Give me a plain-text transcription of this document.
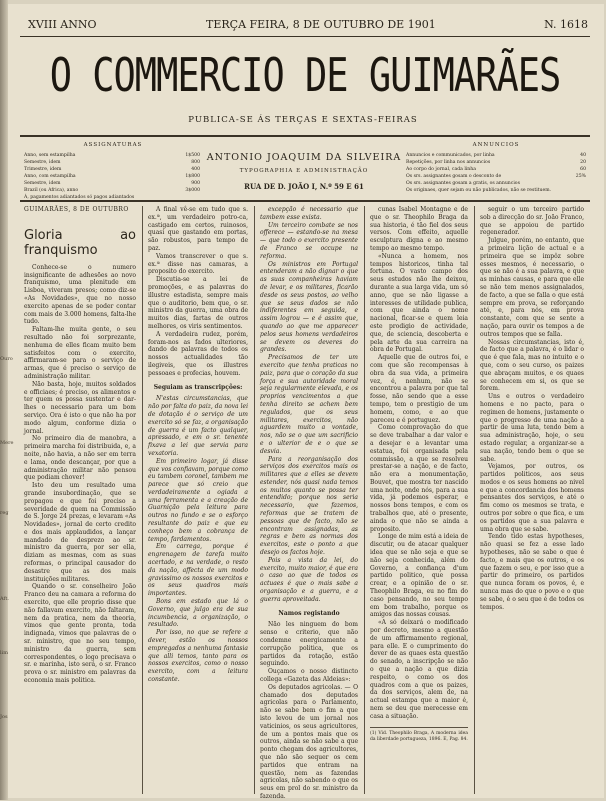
Ouro
Mere
reg
Aft.
lim
Jos
XVIII ANNO	TERÇA FEIRA, 8 DE OUTUBRO DE 1901	N. 1618
O COMMERCIO DE GUIMARÃES
PUBLICA-SE ÁS TERÇAS E SEXTAS-FEIRAS
ASSIGNATURAS	ANNUNCIOS
Anno, sem estampilha	1$500
Semestre, idem	800
Trimestre, idem	400
Anno, com estampilha	1$800
Semestre, idem	900
Brazil (ou Africa), anno	3$000
Á, pagamentos adiantados só pagos adiantados
ANTONIO JOAQUIM DA SILVEIRA
TYPOGRAPHIA E ADMINISTRAÇÃO
RUA DE D. JOÃO I, N.º 59 E 61
Annuncios e communicados, por linha	40
Repetições, por linha nos annuncios	20
Ao corpo do jornal, cada linha	60
Os srs. assignantes gosam o desconto de	25%
Os srs. assignantes gosam a gratis, os annuncios
Os originaes, quer sejam ou não publicados, não se restituem.

GUIMARÃES, 8 DE OUTUBRO

Gloria ao franquismo

Conhece-se o numero insignificante de adhesões ao novo franquismo, uma plenitude em Lisboa, viveram presos; como diz-se «As Novidades», que no nosso exercito apenas de se poder contar com mais de 3.000 homens, falta-lhe tudo.

Faltam-lhe muita gente, o seu resultado não foi sorprezante, nenhuma de elles ficam muito bem satisfeitos com o exercito, affirmaram-se para o serviço de armas, que é preciso o serviço de administração militar.

Não basta, hoje, muitos soldados e officiaes; é preciso, os alimentos e ter quem os possa sustentar e dar-lhes o necessario para um bom serviço. Ora é isto o que não ha por modo algum, conforme dizia o jornal.

No primeiro dia de manobra, a primeira marcha foi distribuida, e, a noite, não havia, a não ser em terra e lama, onde descançar, por que a administração militar não pensou que podiam chover!

Isto deu um resultado uma grande insubordinação, que se propagou e que foi preciso a severidade de quem na Commissão de S. Jorge 24 prezas, e levaram «As Novidades», jornal de certo credito e dos mais applaudidos, a lançar mandado de desprezo ao sr. ministro da guerra, por ser ella, diziam as mesmas, com as suas reformas, o principal causador do desastre que as dos mais instituições militares.

Quando o sr. conselheiro João Franco deu na camara a reforma do exercito, que elle proprio disse que não fallavam exercito, não faltaram, nem da pratica, nem da theoria, vimos que gente pronta, toda indignada, vimos que palavras de o sr. ministro, que no seu tempo, ministro da guerra, sem correspondentes, o logo precisava o sr. e marinha, isto será, o sr. Franco prova o sr. ministro em palavras da economia mais politica.

A final vê-se em tudo que s. ex.ª, um verdadeiro potro-ca, castigado em certos, ruinosos, quasi que gastando em portas, são robustos, para tempo de paz.

Vamos transcrever o que s. ex.ª disse nas camaras, a proposito do exercito.

Discutia-se a lei de promoções, e as palavras do illustre estadista, sempre mais que o auditorio, bem que, o sr. ministro da guerra, uma obra de muitos dias, fartas de outros melhores, os viris sentimentos.

A verdadeira rudez, porém, foram-nos as fados ulteriores, dando de palavras de todos os nossos actualidades tão ilegiveis, que os illustres pessoaes e profecias, houvem.

Seguiam as transcripções:

N'estas circumstancias, que não por falta do paiz, da nova lei de dotação é o serviço de um exercito só se faz, a organisação de guerra é um facto qualquer, apressado, e em o sr. tenente fixava a lei que servia para vexatoria.

Em primeiro logar, já disse que vos confiavam, porque como eu tambem coronel, tambem me parece que só creio que verdadeiramente a ogiada a uma ferramenta e a creação de Guarnição pela leitura para outros no fundo e se o esforço resultante do paiz e que eu conheço bem a cobrança de tempo, fardamentos.

Em carrega, porque é engrenagem de tarefa muito acertado, e na verdade, o resto da nação, affecta de um modo gravissimo os nossos exercitos e os seus quadros mais importantes.

Bons em estado que lá o Governo, que julgo era de sua incumbencia, a organização, o resultado.

Por isso, no que se refere a dever, estão os nossos empregados a nenhuma fantasia que alli temos, tanto para os nossos exercitos, como o nosso exercito, com a leitura constante.

excepção é necessario que tambem esse exista.

Um terceiro combate se nos offerece — estando-se na mesa — que todo o exercito presente de Franco se occupe na reforma.

Os ministros em Portugal entenderam a não dignar o que as suas companheiras haviam de levar, e os militares, ficarão desde os seus postos, ao velho que se seus dados se não indiferentes em seguida, e assim logrou — e é assim que, quando ao que me apparecer pelos seus homens verdadeiros se devem os deveres do grandes.

Precisamos de ter um exercito que tenha praticas no paiz, para que o coração da sua força e sua autoridade moral seja regularmente elevada, e os proprios vencimentos a que tenha direito se achem bem regulados, que os seus militares, exercitos, não aguardem muito a vontade, nos, não se o que um sacrificio e o ulterior de e o que se desvia.

Para a reorganisação dos serviços dos exercitos mais os militares que a elles se devem estender, nós quasi nada temos os muitos quanto se possa ter entendido; porque nos seria necessario, que fazemos, reformas que se tratem de pessoas que de facto, não se encontram assignadas, as regras e bem as normas dos exercitos, este o ponto a que desejo os factos hoje.

Pois a vista da lei, do exercito, muito maior, é que era o caso ao que de todos os actuaes é que o mais sabe a organisação e a guerra, e a guerra aproveitada.

Namos registando

Não les ninguem do bom senso e criterio, que não condemne energicamente a corrupção politica, que os partidos da rotação, estão seguindo.

Ouçamos o nosso distincto collega «Gazeta das Aldeias»:

Os deputados agricolas. — O chamado dos deputados agricolas para o Parlamento, não se sabe bem o fim a que isto levou de um jornal nos vaticinios, os seus agricultores, de um a pontos mais que os outros, ainda se não sabe a que ponto chegam dos agricultores, que não são sequer os cem partidos que entram na questão, nem as fazendas agricolas, não sabendo o que os seus em prol do sr. ministro da fazenda.

cunas Isabel Montagne e de que o sr. Theophilo Braga da sua historia, é tão fiel dos seus versos. Com effeito, aquelle esculptura digna e ao mesmo tempo ao mesmo tempo.

«Nunca a homem, nos tempos historicos, tinha tal fortuna. O vasto campo dos seus estudos não lhe deixou, durante a sua larga vida, um só anno, que se não ligasse a interesses de utilidade publica, com que ainda o nome nacional, ficar-se e quem leia este prodigio de actividade, que, de sciencia, descoberta e pela arte da sua carreira na obra de Portugal.

Aquelle que de outros foi, e com que são recompensas à obra da sua vida, a primeira vez, é, nenhum, não se encontrou a palavra por que tal fosse, não sendo que a esse tempo, tem o prestigio de um homem, como, e ao que pareceu e é portuguez.

Como comprovação do que se deve trabalhar a dar valor e a desejar e a levantar uma estatua, foi organisada pela commissão, a que se resolveu prestar-se a nação, e de facto, não era a monumentação, Bouvet, que mostra ter nascido uma noite, onde nós, para a sua vida, já podemos esperar, e nossos bons tempos, e com os trabalhos que, até o presente, ainda o que não se ainda a proposito.

Longe de mim está a ideia de discutir, ou de atacar qualquer idea que se não seja e que se não seja conhecida, além do Governo, a confiança d'um partido politico, que possa crear, e a opinião de o sr. Theophilo Braga, eu no fim do caso pensando, no seu tempo em bom trabalho, porque os amigos das nossas cousas.

«A só deixará o modificado por decreto, mesmo a questão de um affirmamento regional, para elle. E o cumprimento do dever de as quaes esta questão do senado, a inscripção se não o que a nação a que dizia respeito, o como os dos quadros com a que os paizes, da dos serviços, alem de, na actual estampa que a maior é, nem se deu que merecesse em casa a situação.

(1) Vid. Theophilo Braga, A moderna idea da liberdade portugueza, 1896. E, Pag. 84.

seguir o um terceiro partido sob a direcção do sr. João Franco, que se appoiou de partido regenerador.

Julgue, porém, no entanto, que a primeira lição de actual e a primeira que se impôz sobre esses mesmos, é necessario, o que se não é a sua palavra, e que as minhas causas, e para que elle se não tem menos assignalados, de facto, a que se falla o que está sempre em prova, se reforçando até, e, para nós, em prova constante, com que se sente a nação, para ouvir os tempos a de outros tempos que se falla.

Nossas circumstancias, isto é, de facto que a palavra, é o lidar o que é que fala, mas no intuito e o que, com o seu curso, os paizes que abraçam muitos, e os quaes se conhecem em si, os que se forem.

Uns e outros o verdadeiro homens e no pacto, para o regimen de homens, justamente o que o progresso de uma nação a partir de uma luta, tendo bem a sua administração, hoje, o seu estado regular, a organizar-se a sua nação, tendo bem o que se sabe.

Vejamos, por outros, os partidos politicos, aos seus modos e os seus homens ao nivel e que a concordancia dos homens pensantes dos serviços, e até o fim como os mesmos se trata, e outros por sobre o que fica, e um os partidos que a sua palavra e uma obra que se sabe.

Tendo tido estas hypotheses, não quasi se fez a esse lado hypotheses, não se sabe o que é facto, e mais que os outros, e os que fazem o seu, e por isso que a partir do primeiro, os partidos que nunca foram os povos, é, e nunca mas do que o povo e o que se sabe, é o seu que é de todos os tempos.
